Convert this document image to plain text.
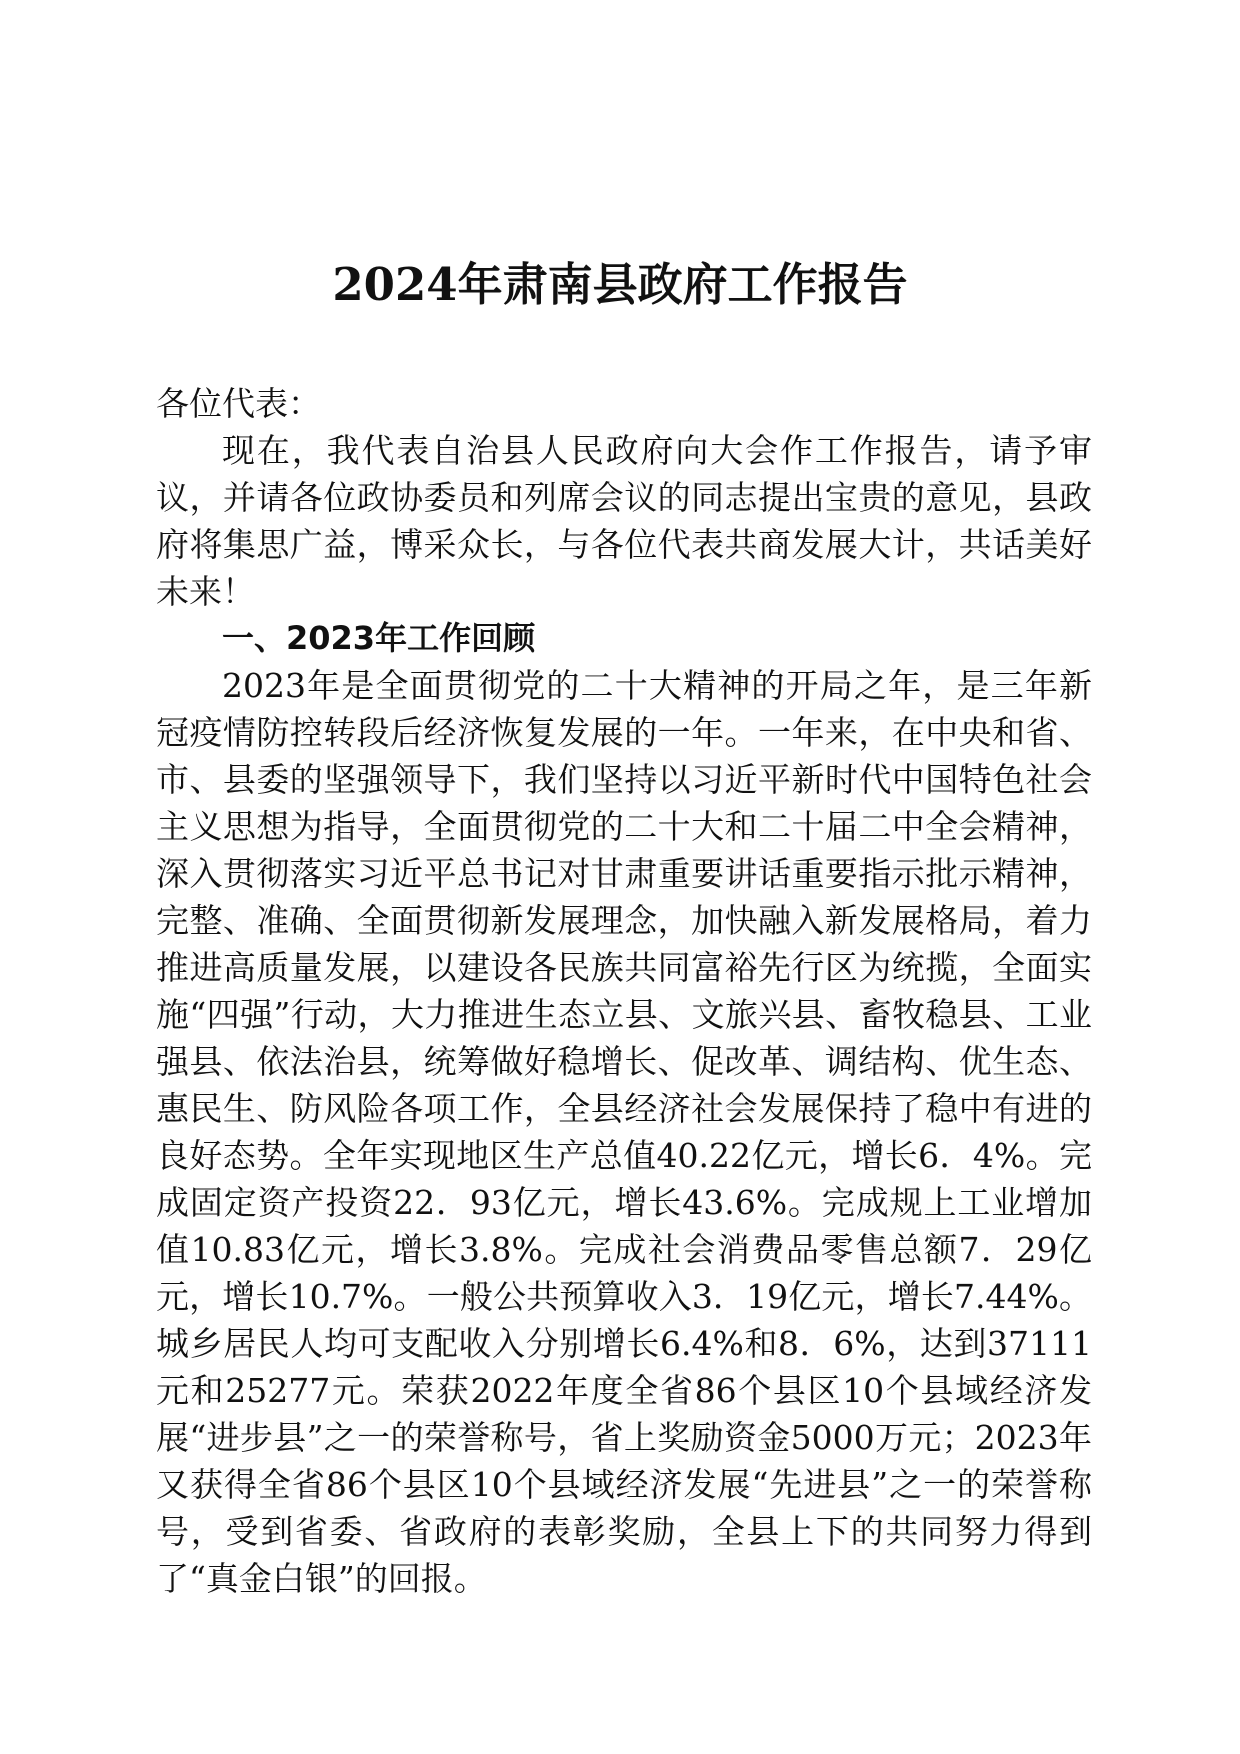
2024年肃南县政府工作报告

各位代表：

现在，我代表自治县人民政府向大会作工作报告，请予审议，并请各位政协委员和列席会议的同志提出宝贵的意见，县政府将集思广益，博采众长，与各位代表共商发展大计，共话美好未来！

一、2023年工作回顾

2023年是全面贯彻党的二十大精神的开局之年，是三年新冠疫情防控转段后经济恢复发展的一年。一年来，在中央和省、市、县委的坚强领导下，我们坚持以习近平新时代中国特色社会主义思想为指导，全面贯彻党的二十大和二十届二中全会精神，深入贯彻落实习近平总书记对甘肃重要讲话重要指示批示精神，完整、准确、全面贯彻新发展理念，加快融入新发展格局，着力推进高质量发展，以建设各民族共同富裕先行区为统揽，全面实施“四强”行动，大力推进生态立县、文旅兴县、畜牧稳县、工业强县、依法治县，统筹做好稳增长、促改革、调结构、优生态、惠民生、防风险各项工作，全县经济社会发展保持了稳中有进的良好态势。全年实现地区生产总值40.22亿元，增长6．4%。完成固定资产投资22．93亿元，增长43.6%。完成规上工业增加值10.83亿元，增长3.8%。完成社会消费品零售总额7．29亿元，增长10.7%。一般公共预算收入3．19亿元，增长7.44%。城乡居民人均可支配收入分别增长6.4%和8．6%，达到37111元和25277元。荣获2022年度全省86个县区10个县域经济发展“进步县”之一的荣誉称号，省上奖励资金5000万元；2023年又获得全省86个县区10个县域经济发展“先进县”之一的荣誉称号，受到省委、省政府的表彰奖励，全县上下的共同努力得到了“真金白银”的回报。
